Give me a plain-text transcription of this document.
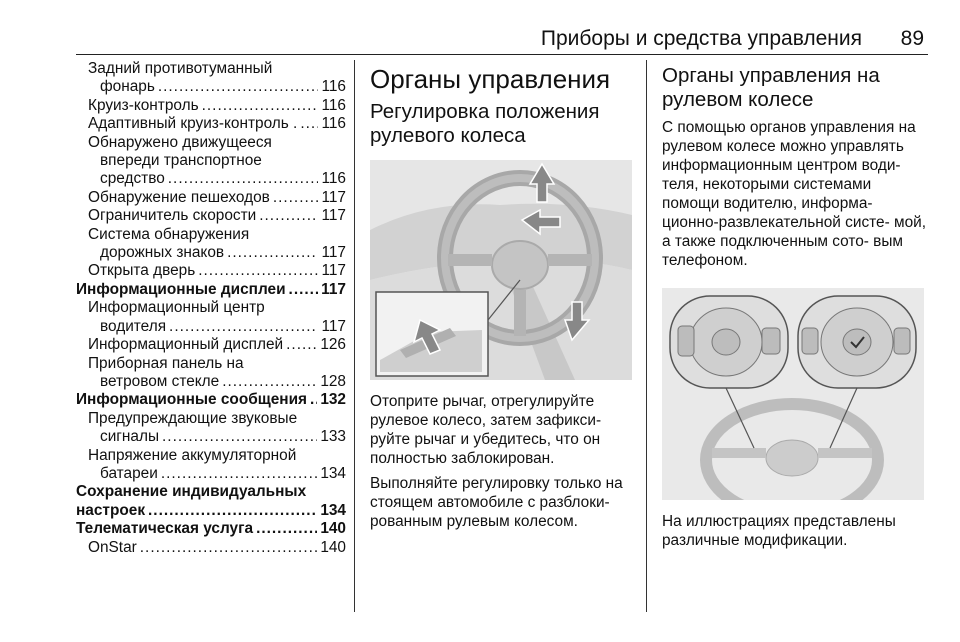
Приборы и средства управления 89
Задний противотуманный
фонарь .....	116
Круиз-контроль .....	116
Адаптивный круиз-контроль . ..... 116
Обнаружено движущееся
впереди транспортное
средство .....	116
Обнаружение пешеходов .....	117
Ограничитель скорости .....	117
Система обнаружения
дорожных знаков .....	117
Открыта дверь .....	117
Информационные дисплеи ..... 117
Информационный центр
водителя .....	117
Информационный дисплей ..... 126
Приборная панель на
ветровом стекле .....	128
Информационные сообщения ..... 132
Предупреждающие звуковые
сигналы .....	133
Напряжение аккумуляторной
батареи .....	134
Сохранение индивидуальных
настроек .....	134
Телематическая услуга .....	140
OnStar .....	140
Органы управления
Регулировка положения рулевого колеса

Отоприте рычаг, отрегулируйте рулевое колесо, затем зафикси- руйте рычаг и убедитесь, что он полностью заблокирован.

Выполняйте регулировку только на стоящем автомобиле с разблоки- рованным рулевым колесом.

Органы управления на рулевом колесе

С помощью органов управления на рулевом колесе можно управлять информационным центром води- теля, некоторыми системами помощи водителю, информа- ционно-развлекательной систе- мой, а также подключенным сото- вым телефоном.

На иллюстрациях представлены различные модификации.
